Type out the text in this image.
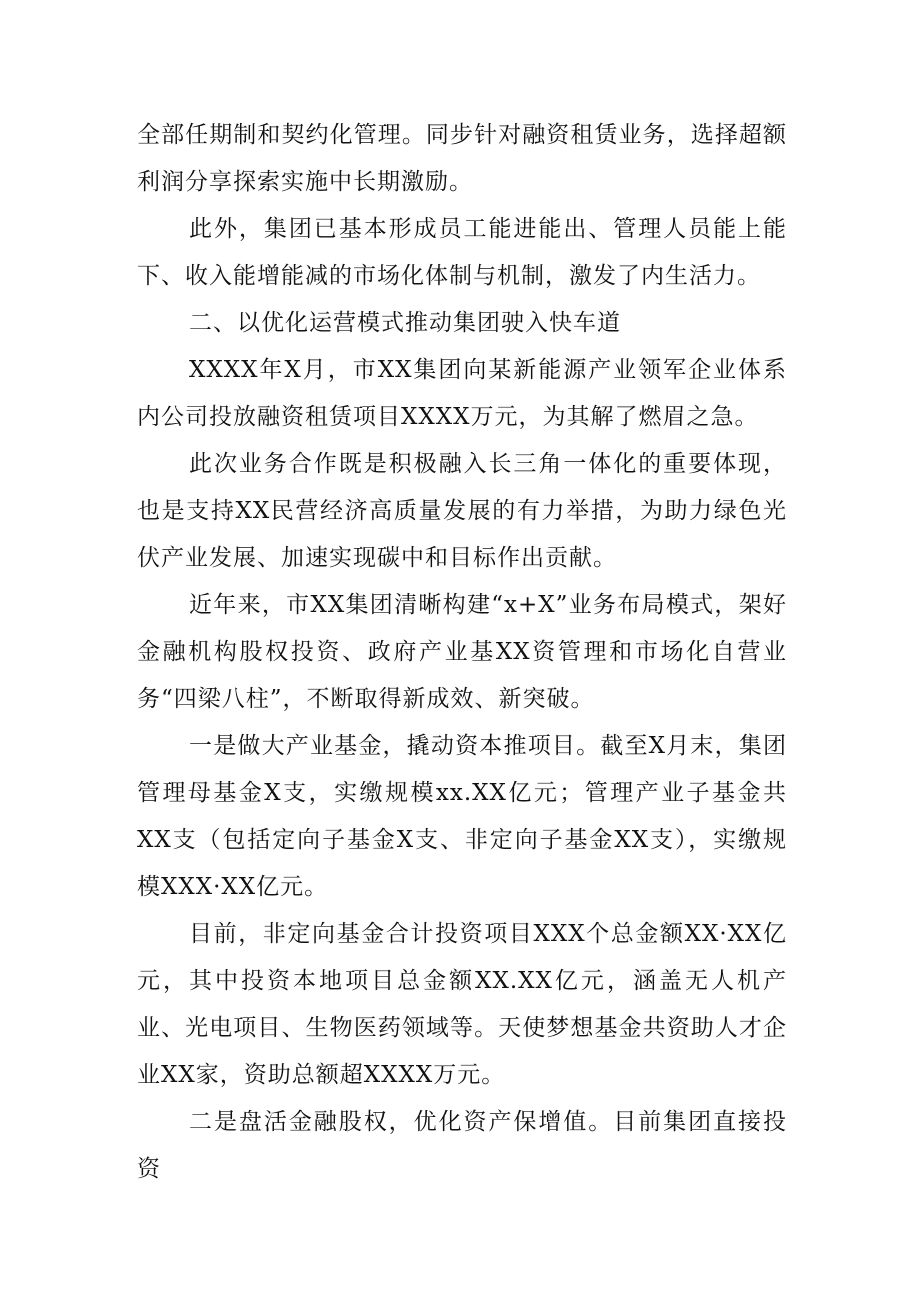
全部任期制和契约化管理。同步针对融资租赁业务，选择超额利润分享探索实施中长期激励。

此外，集团已基本形成员工能进能出、管理人员能上能下、收入能增能减的市场化体制与机制，激发了内生活力。

二、以优化运营模式推动集团驶入快车道

XXXX年X月，市XX集团向某新能源产业领军企业体系内公司投放融资租赁项目XXXX万元，为其解了燃眉之急。

此次业务合作既是积极融入长三角一体化的重要体现，也是支持XX民营经济高质量发展的有力举措，为助力绿色光伏产业发展、加速实现碳中和目标作出贡献。

近年来，市XX集团清晰构建“x+X”业务布局模式，架好金融机构股权投资、政府产业基XX资管理和市场化自营业务“四梁八柱”，不断取得新成效、新突破。

一是做大产业基金，撬动资本推项目。截至X月末，集团管理母基金X支，实缴规模xx.XX亿元；管理产业子基金共XX支（包括定向子基金X支、非定向子基金XX支），实缴规模XXX·XX亿元。

目前，非定向基金合计投资项目XXX个总金额XX·XX亿元，其中投资本地项目总金额XX.XX亿元，涵盖无人机产业、光电项目、生物医药领域等。天使梦想基金共资助人才企业XX家，资助总额超XXXX万元。

二是盘活金融股权，优化资产保增值。目前集团直接投资
